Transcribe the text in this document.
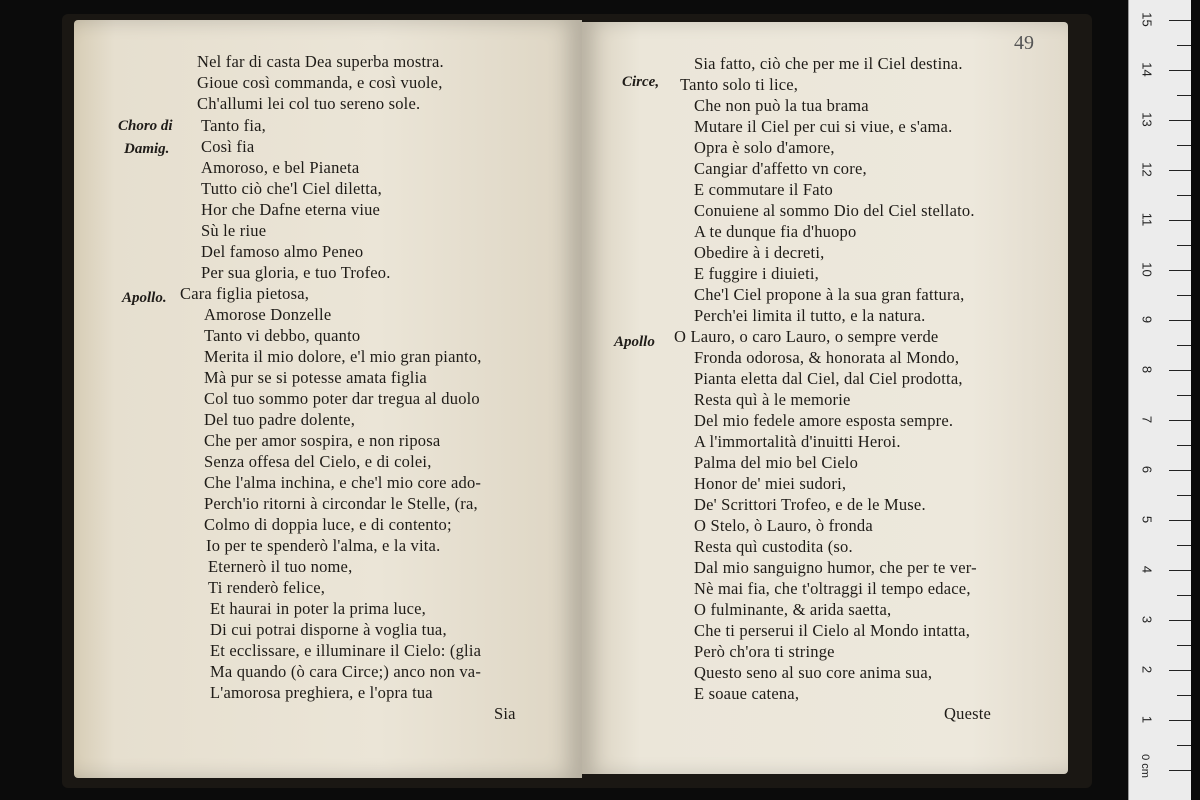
Choro di
Damig.
Apollo.
Nel far di casta Dea superba mostra.
Gioue così commanda, e così vuole,
Ch'allumi lei col tuo sereno sole.
Tanto fia,
Così fia
Amoroso, e bel Pianeta
Tutto ciò che'l Ciel diletta,
Hor che Dafne eterna viue
Sù le riue
Del famoso almo Peneo
Per sua gloria, e tuo Trofeo.
Cara figlia pietosa,
Amorose Donzelle
Tanto vi debbo, quanto
Merita il mio dolore, e'l mio gran pianto,
Mà pur se si potesse amata figlia
Col tuo sommo poter dar tregua al duolo
Del tuo padre dolente,
Che per amor sospira, e non riposa
Senza offesa del Cielo, e di colei,
Che l'alma inchina, e che'l mio core ado-
Perch'io ritorni à circondar le Stelle, (ra,
Colmo di doppia luce, e di contento;
Io per te spenderò l'alma, e la vita.
Eternerò il tuo nome,
Ti renderò felice,
Et haurai in poter la prima luce,
Di cui potrai disporne à voglia tua,
Et ecclissare, e illuminare il Cielo: (glia
Ma quando (ò cara Circe;) anco non va-
L'amorosa preghiera, e l'opra tua
Sia
49
Circe,
Apollo
Sia fatto, ciò che per me il Ciel destina.
Tanto solo ti lice,
Che non può la tua brama
Mutare il Ciel per cui si viue, e s'ama.
Opra è solo d'amore,
Cangiar d'affetto vn core,
E commutare il Fato
Conuiene al sommo Dio del Ciel stellato.
A te dunque fia d'huopo
Obedire à i decreti,
E fuggire i diuieti,
Che'l Ciel propone à la sua gran fattura,
Perch'ei limita il tutto, e la natura.
O Lauro, o caro Lauro, o sempre verde
Fronda odorosa, & honorata al Mondo,
Pianta eletta dal Ciel, dal Ciel prodotta,
Resta quì à le memorie
Del mio fedele amore esposta sempre.
A l'immortalità d'inuitti Heroi.
Palma del mio bel Cielo
Honor de' miei sudori,
De' Scrittori Trofeo, e de le Muse.
O Stelo, ò Lauro, ò fronda
Resta quì custodita (so.
Dal mio sanguigno humor, che per te ver-
Nè mai fia, che t'oltraggi il tempo edace,
O fulminante, & arida saetta,
Che ti perserui il Cielo al Mondo intatta,
Però ch'ora ti stringe
Questo seno al suo core anima sua,
E soaue catena,
Queste
15
14
13
12
11
10
9
8
7
6
5
4
3
2
1
0 cm
